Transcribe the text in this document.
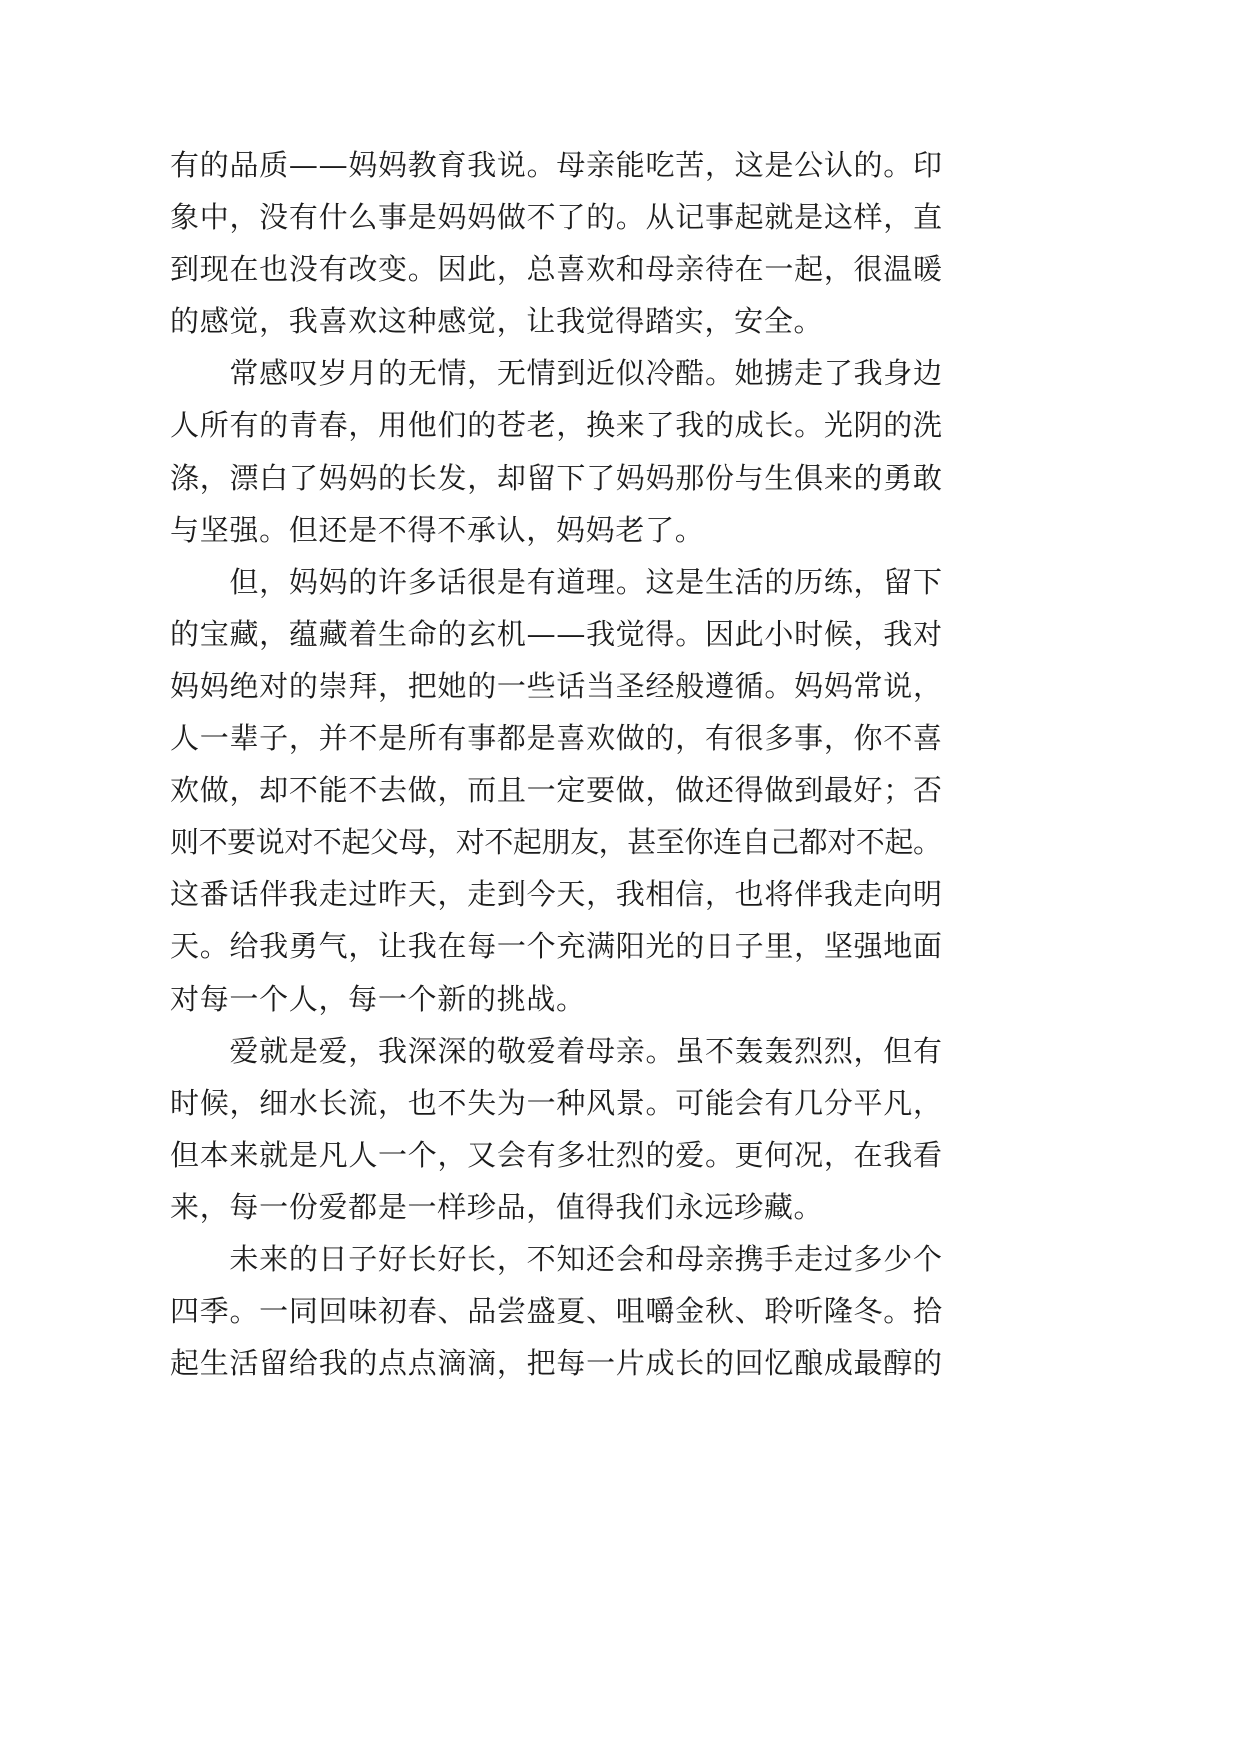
有的品质——妈妈教育我说。母亲能吃苦，这是公认的。印
象中，没有什么事是妈妈做不了的。从记事起就是这样，直
到现在也没有改变。因此，总喜欢和母亲待在一起，很温暖
的感觉，我喜欢这种感觉，让我觉得踏实，安全。
常感叹岁月的无情，无情到近似冷酷。她掳走了我身边
人所有的青春，用他们的苍老，换来了我的成长。光阴的洗
涤，漂白了妈妈的长发，却留下了妈妈那份与生俱来的勇敢
与坚强。但还是不得不承认，妈妈老了。
但，妈妈的许多话很是有道理。这是生活的历练，留下
的宝藏，蕴藏着生命的玄机——我觉得。因此小时候，我对
妈妈绝对的崇拜，把她的一些话当圣经般遵循。妈妈常说，
人一辈子，并不是所有事都是喜欢做的，有很多事，你不喜
欢做，却不能不去做，而且一定要做，做还得做到最好；否
则不要说对不起父母，对不起朋友，甚至你连自己都对不起。
这番话伴我走过昨天，走到今天，我相信，也将伴我走向明
天。给我勇气，让我在每一个充满阳光的日子里，坚强地面
对每一个人，每一个新的挑战。
爱就是爱，我深深的敬爱着母亲。虽不轰轰烈烈，但有
时候，细水长流，也不失为一种风景。可能会有几分平凡，
但本来就是凡人一个，又会有多壮烈的爱。更何况，在我看
来，每一份爱都是一样珍品，值得我们永远珍藏。
未来的日子好长好长，不知还会和母亲携手走过多少个
四季。一同回味初春、品尝盛夏、咀嚼金秋、聆听隆冬。拾
起生活留给我的点点滴滴，把每一片成长的回忆酿成最醇的
